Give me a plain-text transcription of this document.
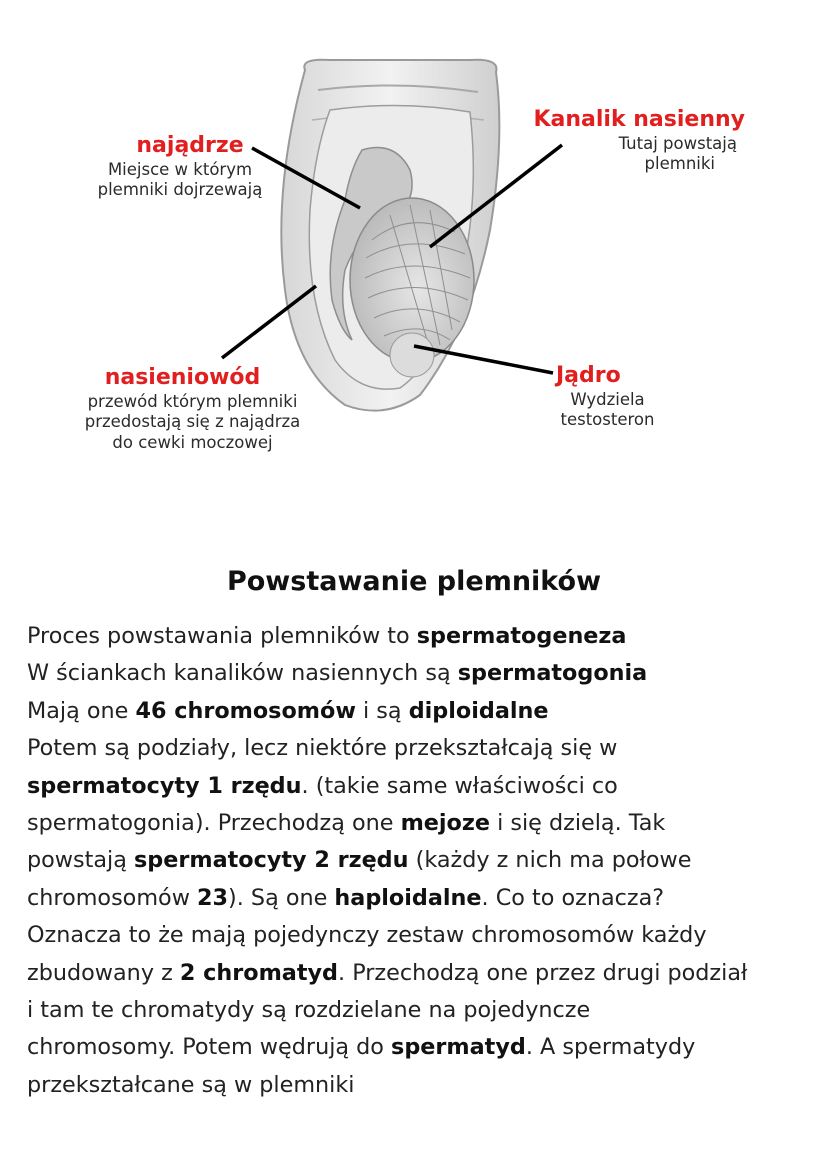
najądrze
Miejsce w którym
plemniki dojrzewają
Kanalik nasienny
Tutaj powstają
plemniki
nasieniowód
przewód którym plemniki
przedostają się z najądrza
do cewki moczowej
Jądro
Wydziela
testosteron
Powstawanie plemników
Proces powstawania plemników to spermatogeneza
W ściankach kanalików nasiennych są spermatogonia
Mają one 46 chromosomów i są diploidalne
Potem są podziały, lecz niektóre przekształcają się w
spermatocyty 1 rzędu. (takie same właściwości co
spermatogonia). Przechodzą one mejoze i się dzielą. Tak
powstają spermatocyty 2 rzędu (każdy z nich ma połowe
chromosomów 23). Są one haploidalne. Co to oznacza?
Oznacza to że mają pojedynczy zestaw chromosomów każdy
zbudowany z 2 chromatyd. Przechodzą one przez drugi podział
i tam te chromatydy są rozdzielane na pojedyncze
chromosomy. Potem wędrują do spermatyd. A spermatydy
przekształcane są w plemniki
